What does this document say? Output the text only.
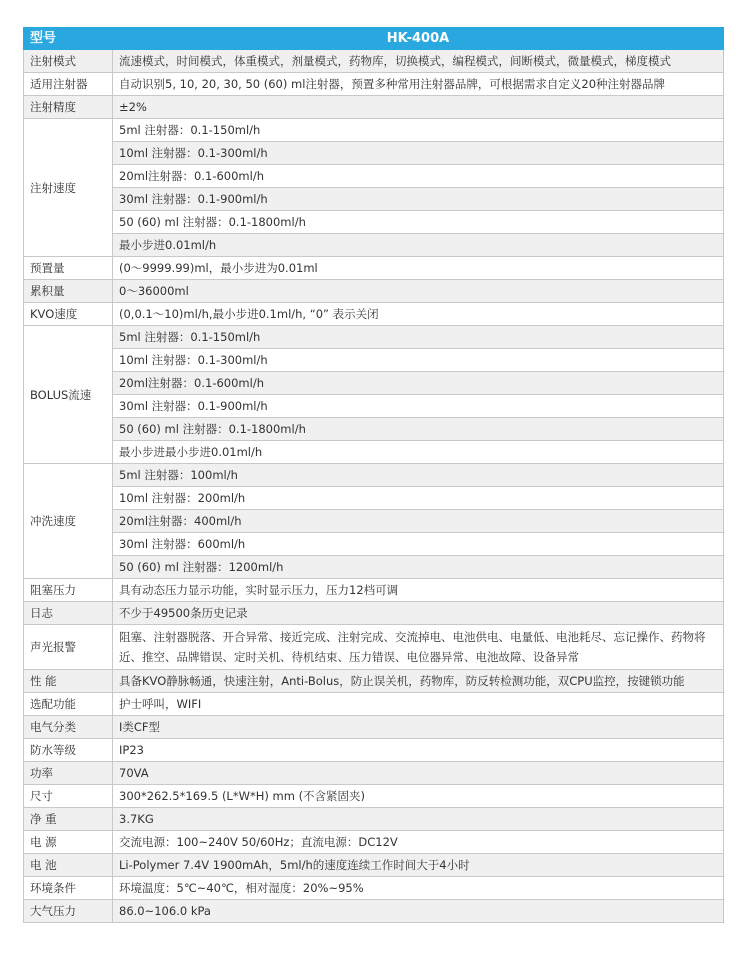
型号	HK-400A
注射模式	流速模式，时间模式，体重模式，剂量模式，药物库，切换模式，编程模式，间断模式，微量模式，梯度模式
适用注射器	自动识别5, 10, 20, 30, 50 (60) ml注射器，预置多种常用注射器品牌，可根据需求自定义20种注射器品牌
注射精度	±2%
注射速度	5ml 注射器：0.1-150ml/h
	10ml 注射器：0.1-300ml/h
	20ml注射器：0.1-600ml/h
	30ml 注射器：0.1-900ml/h
	50 (60) ml 注射器：0.1-1800ml/h
	最小步进0.01ml/h
预置量	(0～9999.99)ml，最小步进为0.01ml
累积量	0～36000ml
KVO速度	(0,0.1～10)ml/h,最小步进0.1ml/h, “0” 表示关闭
BOLUS流速	5ml 注射器：0.1-150ml/h
	10ml 注射器：0.1-300ml/h
	20ml注射器：0.1-600ml/h
	30ml 注射器：0.1-900ml/h
	50 (60) ml 注射器：0.1-1800ml/h
	最小步进最小步进0.01ml/h
冲洗速度	5ml 注射器：100ml/h
	10ml 注射器：200ml/h
	20ml注射器：400ml/h
	30ml 注射器：600ml/h
	50 (60) ml 注射器：1200ml/h
阻塞压力	具有动态压力显示功能，实时显示压力，压力12档可调
日志	不少于49500条历史记录
声光报警	阻塞、注射器脱落、开合异常、接近完成、注射完成、交流掉电、电池供电、电量低、电池耗尽、忘记操作、药物将近、推空、品牌错误、定时关机、待机结束、压力错误、电位器异常、电池故障、设备异常
性 能	具备KVO静脉畅通，快速注射，Anti-Bolus，防止误关机，药物库，防反转检测功能，双CPU监控，按键锁功能
选配功能	护士呼叫，WIFI
电气分类	I类CF型
防水等级	IP23
功率	70VA
尺寸	300*262.5*169.5 (L*W*H) mm (不含紧固夹)
净 重	3.7KG
电 源	交流电源：100~240V 50/60Hz；直流电源：DC12V
电 池	Li-Polymer 7.4V 1900mAh，5ml/h的速度连续工作时间大于4小时
环境条件	环境温度：5℃~40℃，相对湿度：20%~95%
大气压力	86.0~106.0 kPa
